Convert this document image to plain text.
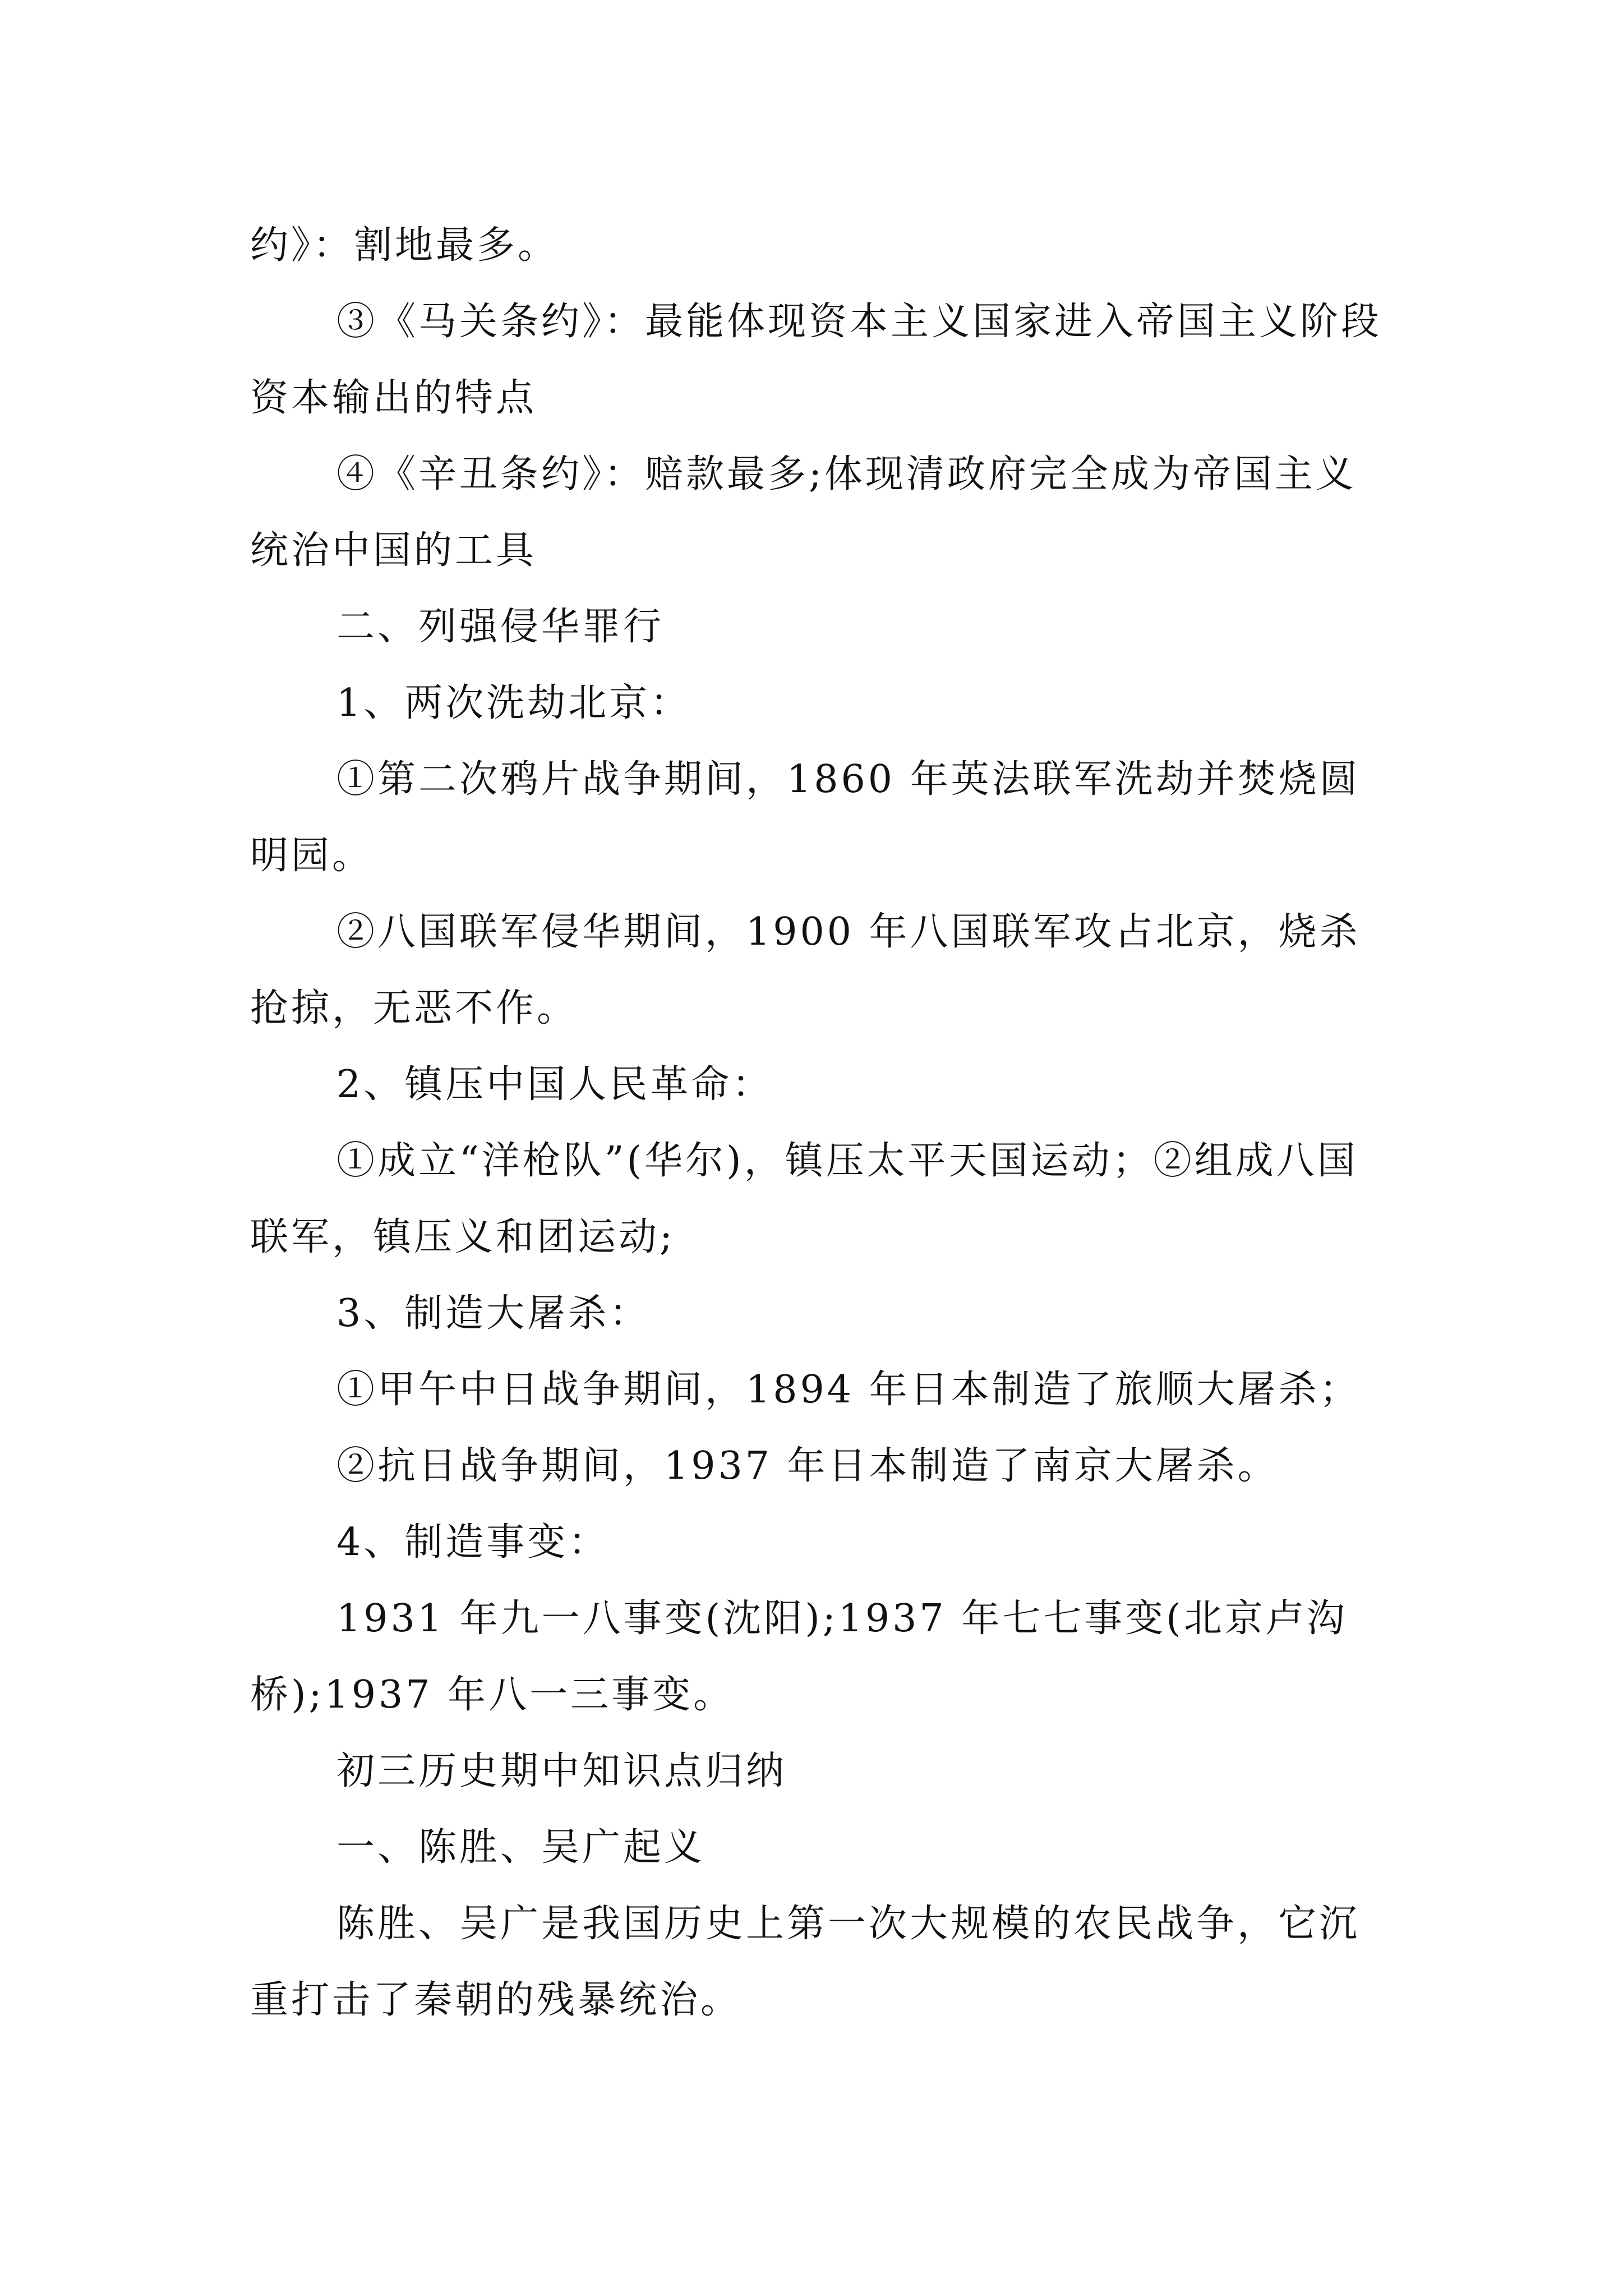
约》：割地最多。

③《马关条约》：最能体现资本主义国家进入帝国主义阶段资本输出的特点

④《辛丑条约》：赔款最多;体现清政府完全成为帝国主义统治中国的工具

二、列强侵华罪行

1、两次洗劫北京：

①第二次鸦片战争期间，1860 年英法联军洗劫并焚烧圆明园。

②八国联军侵华期间，1900 年八国联军攻占北京，烧杀抢掠，无恶不作。

2、镇压中国人民革命：

①成立“洋枪队”(华尔)，镇压太平天国运动；②组成八国联军，镇压义和团运动;

3、制造大屠杀：

①甲午中日战争期间，1894 年日本制造了旅顺大屠杀；

②抗日战争期间，1937 年日本制造了南京大屠杀。

4、制造事变：

1931 年九一八事变(沈阳);1937 年七七事变(北京卢沟桥);1937 年八一三事变。

初三历史期中知识点归纳

一、陈胜、吴广起义

陈胜、吴广是我国历史上第一次大规模的农民战争，它沉重打击了秦朝的残暴统治。
